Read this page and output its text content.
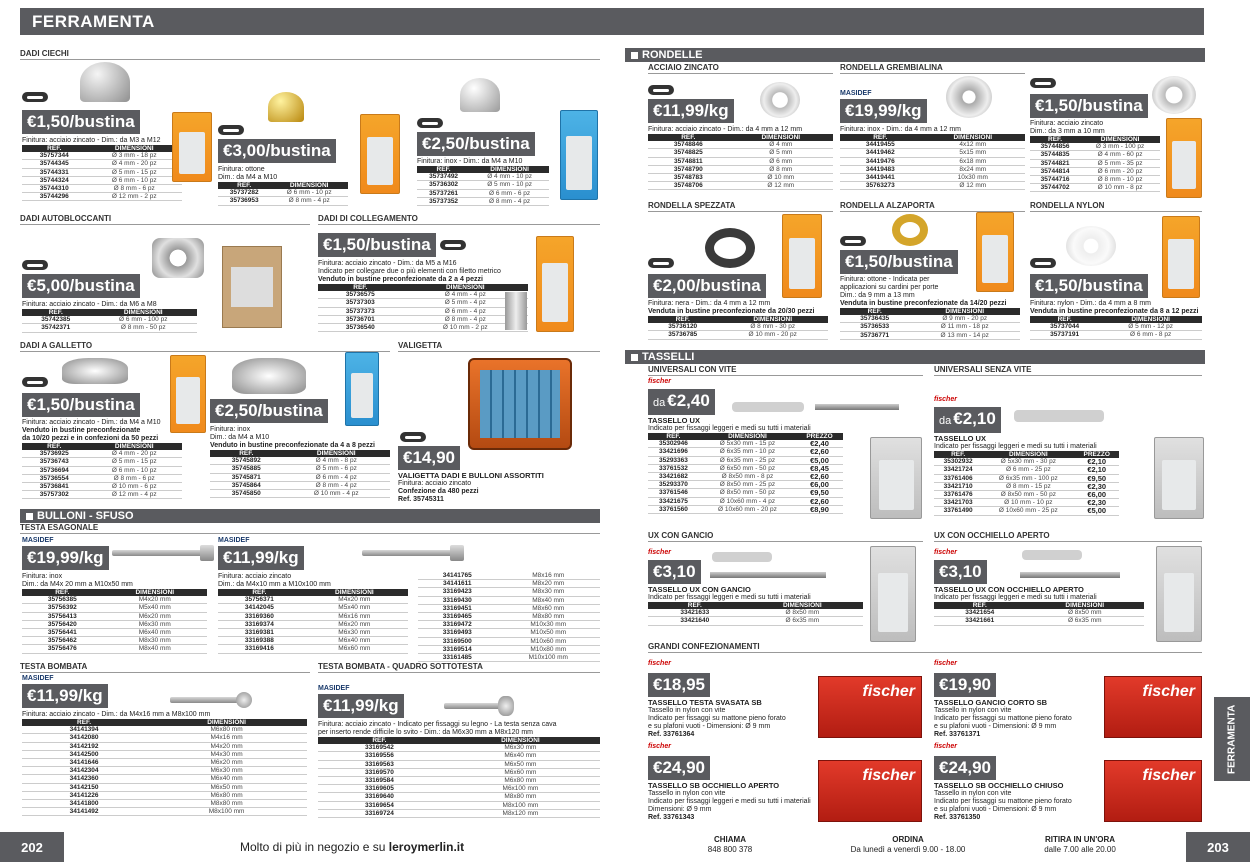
FERRAMENTA
DADI CIECHI
€1,50/bustina
Finitura: acciaio zincato - Dim.: da M3 a M12
REF.	DIMENSIONI
35757344	Ø 3 mm - 18 pz
35744345	Ø 4 mm - 20 pz
35744331	Ø 5 mm - 15 pz
35744324	Ø 6 mm - 10 pz
35744310	Ø 8 mm - 6 pz
35744296	Ø 12 mm - 2 pz
€3,00/bustina
Finitura: ottone
Dim.: da M4 a M10
REF.	DIMENSIONI
35737282	Ø 6 mm - 10 pz
35736953	Ø 8 mm - 4 pz
€2,50/bustina
Finitura: inox - Dim.: da M4 a M10
REF.	DIMENSIONI
35737492	Ø 4 mm - 10 pz
35736302	Ø 5 mm - 10 pz
35737261	Ø 6 mm - 6 pz
35737352	Ø 8 mm - 4 pz
DADI AUTOBLOCCANTI
€5,00/bustina
Finitura: acciaio zincato - Dim.: da M6 a M8
REF.	DIMENSIONI
35742385	Ø 6 mm - 100 pz
35742371	Ø 8 mm - 50 pz
DADI DI COLLEGAMENTO
€1,50/bustina
Finitura: acciaio zincato - Dim.: da M5 a M16
Indicato per collegare due o più elementi con filetto metrico
Venduto in bustine preconfezionate da 2 a 4 pezzi
REF.	DIMENSIONI
35736575	Ø 4 mm - 4 pz
35737303	Ø 5 mm - 4 pz
35737373	Ø 6 mm - 4 pz
35736701	Ø 8 mm - 4 pz
35736540	Ø 10 mm - 2 pz
DADI A GALLETTO
€1,50/bustina
Finitura: acciaio zincato - Dim.: da M4 a M10
Venduto in bustine preconfezionate
da 10/20 pezzi e in confezioni da 50 pezzi
REF.	DIMENSIONI
35736925	Ø 4 mm - 20 pz
35736743	Ø 5 mm - 15 pz
35736694	Ø 6 mm - 10 pz
35736554	Ø 8 mm - 6 pz
35736841	Ø 10 mm - 6 pz
35757302	Ø 12 mm - 4 pz
€2,50/bustina
Finitura: inox
Dim.: da M4 a M10
Venduto in bustine preconfezionate da 4 a 8 pezzi
REF.	DIMENSIONI
35745892	Ø 4 mm - 8 pz
35745885	Ø 5 mm - 6 pz
35745871	Ø 6 mm - 4 pz
35745864	Ø 8 mm - 4 pz
35745850	Ø 10 mm - 4 pz
VALIGETTA
€14,90
VALIGETTA DADI E BULLONI ASSORTITI
Finitura: acciaio zincato
Confezione da 480 pezzi
Ref. 35745311
BULLONI - SFUSO
TESTA ESAGONALE
MASIDEF
€19,99/kg
Finitura: inox
Dim.: da M4x 20 mm a M10x50 mm
REF.	DIMENSIONI
35756385	M4x20 mm
35756392	M5x40 mm
35756413	M6x20 mm
35756420	M6x30 mm
35756441	M6x40 mm
35756462	M8x30 mm
35756476	M8x40 mm
MASIDEF
€11,99/kg
Finitura: acciaio zincato
Dim.: da M4x10 mm a M10x100 mm
REF.	DIMENSIONI
35756371	M4x20 mm
34142045	M5x40 mm
33169360	M6x16 mm
33169374	M6x20 mm
33169381	M6x30 mm
33169388	M6x40 mm
33169416	M6x60 mm
34141765	M8x16 mm
34141611	M8x20 mm
33169423	M8x30 mm
33169430	M8x40 mm
33169451	M8x60 mm
33169465	M8x80 mm
33169472	M10x30 mm
33169493	M10x50 mm
33169500	M10x60 mm
33169514	M10x80 mm
33161485	M10x100 mm
TESTA BOMBATA
MASIDEF
€11,99/kg
Finitura: acciaio zincato - Dim.: da M4x16 mm a M8x100 mm
REF.	DIMENSIONI
34141394	M6x80 mm
34142080	M4x16 mm
34142192	M4x20 mm
34142500	M4x30 mm
34141646	M6x20 mm
34142304	M6x30 mm
34142360	M6x40 mm
34142150	M6x50 mm
34141226	M6x80 mm
34141800	M8x80 mm
34141492	M8x100 mm
TESTA BOMBATA - QUADRO SOTTOTESTA
MASIDEF
€11,99/kg
Finitura: acciaio zincato - Indicato per fissaggi su legno - La testa senza cava
per inserto rende difficile lo svito - Dim.: da M6x30 mm a M8x120 mm
REF.	DIMENSIONI
33169542	M6x30 mm
33169556	M6x40 mm
33169563	M6x50 mm
33169570	M6x60 mm
33169584	M6x80 mm
33169605	M6x100 mm
33169640	M8x80 mm
33169654	M8x100 mm
33169724	M8x120 mm
RONDELLE
ACCIAIO ZINCATO
€11,99/kg
Finitura: acciaio zincato - Dim.: da 4 mm a 12 mm
REF.	DIMENSIONI
35748846	Ø 4 mm
35748825	Ø 5 mm
35748811	Ø 6 mm
35748790	Ø 8 mm
35748783	Ø 10 mm
35748706	Ø 12 mm
RONDELLA GREMBIALINA
MASIDEF
€19,99/kg
Finitura: inox - Dim.: da 4 mm a 12 mm
REF.	DIMENSIONI
34419455	4x12 mm
34419462	5x15 mm
34419476	6x18 mm
34419483	8x24 mm
34419441	10x30 mm
35763273	Ø 12 mm
€1,50/bustina
Finitura: acciaio zincato
Dim.: da 3 mm a 10 mm
REF.	DIMENSIONI
35744856	Ø 3 mm - 100 pz
35744835	Ø 4 mm - 60 pz
35744821	Ø 5 mm - 35 pz
35744814	Ø 6 mm - 20 pz
35744716	Ø 8 mm - 10 pz
35744702	Ø 10 mm - 8 pz
RONDELLA SPEZZATA
€2,00/bustina
Finitura: nera - Dim.: da 4 mm a 12 mm
Venduta in bustine preconfezionate da 20/30 pezzi
REF.	DIMENSIONI
35736120	Ø 8 mm - 30 pz
35736785	Ø 10 mm - 20 pz
RONDELLA ALZAPORTA
€1,50/bustina
Finitura: ottone - Indicata per
applicazioni su cardini per porte
Dim.: da 9 mm a 13 mm
Venduta in bustine preconfezionate da 14/20 pezzi
REF.	DIMENSIONI
35736435	Ø 9 mm - 20 pz
35736533	Ø 11 mm - 18 pz
35736771	Ø 13 mm - 14 pz
RONDELLA NYLON
€1,50/bustina
Finitura: nylon - Dim.: da 4 mm a 8 mm
Venduta in bustine preconfezionate da 8 a 12 pezzi
REF.	DIMENSIONI
35737044	Ø 5 mm - 12 pz
35737191	Ø 6 mm - 8 pz
TASSELLI
UNIVERSALI CON VITE
fischer
da €2,40
TASSELLO UX
Indicato per fissaggi leggeri e medi su tutti i materiali
REF.	DIMENSIONI	PREZZO
35302946	Ø 5x30 mm - 15 pz	€2,40
33421696	Ø 6x35 mm - 10 pz	€2,60
35293363	Ø 6x35 mm - 25 pz	€5,00
33761532	Ø 6x50 mm - 50 pz	€8,45
33421682	Ø 8x50 mm - 8 pz	€2,60
35293370	Ø 8x50 mm - 25 pz	€6,00
33761546	Ø 8x50 mm - 50 pz	€9,50
33421675	Ø 10x60 mm - 4 pz	€2,60
33761560	Ø 10x60 mm - 20 pz	€8,90
UNIVERSALI SENZA VITE
fischer
da €2,10
TASSELLO UX
Indicato per fissaggi leggeri e medi su tutti i materiali
REF.	DIMENSIONI	PREZZO
35302932	Ø 5x30 mm - 30 pz	€2,10
33421724	Ø 6 mm - 25 pz	€2,10
33761406	Ø 6x35 mm - 100 pz	€9,50
33421710	Ø 8 mm - 15 pz	€2,30
33761476	Ø 8x50 mm - 50 pz	€6,00
33421703	Ø 10 mm - 10 pz	€2,30
33761490	Ø 10x60 mm - 25 pz	€5,00
UX CON GANCIO
fischer
€3,10
TASSELLO UX CON GANCIO
Indicato per fissaggi leggeri e medi su tutti i materiali
REF.	DIMENSIONI
33421633	Ø 8x50 mm
33421640	Ø 6x35 mm
UX CON OCCHIELLO APERTO
fischer
€3,10
TASSELLO UX CON OCCHIELLO APERTO
Indicato per fissaggi leggeri e medi su tutti i materiali
REF.	DIMENSIONI
33421654	Ø 8x50 mm
33421661	Ø 6x35 mm
GRANDI CONFEZIONAMENTI
fischer
€18,95
TASSELLO TESTA SVASATA SB
Tassello in nylon con vite
Indicato per fissaggi su mattone pieno forato
e su plafoni vuoti - Dimensioni: Ø 9 mm
Ref. 33761364
fischer
fischer
€19,90
TASSELLO GANCIO CORTO SB
Tassello in nylon con vite
Indicato per fissaggi su mattone pieno forato
e su plafoni vuoti - Dimensioni: Ø 9 mm
Ref. 33761371
fischer
fischer
€24,90
TASSELLO SB OCCHIELLO APERTO
Tassello in nylon con vite
Indicato per fissaggi leggeri e medi su tutti i materiali
Dimensioni: Ø 9 mm
Ref. 33761343
fischer
fischer
€24,90
TASSELLO SB OCCHIELLO CHIUSO
Tassello in nylon con vite
Indicato per fissaggi su mattone pieno forato
e su plafoni vuoti - Dimensioni: Ø 9 mm
Ref. 33761350
fischer
FERRAMENTA
202	Molto di più in negozio e su leroymerlin.it
CHIAMA
848 800 378
ORDINA
Da lunedì a venerdì 9.00 - 18.00
RITIRA IN UN'ORA
dalle 7.00 alle 20.00	203
